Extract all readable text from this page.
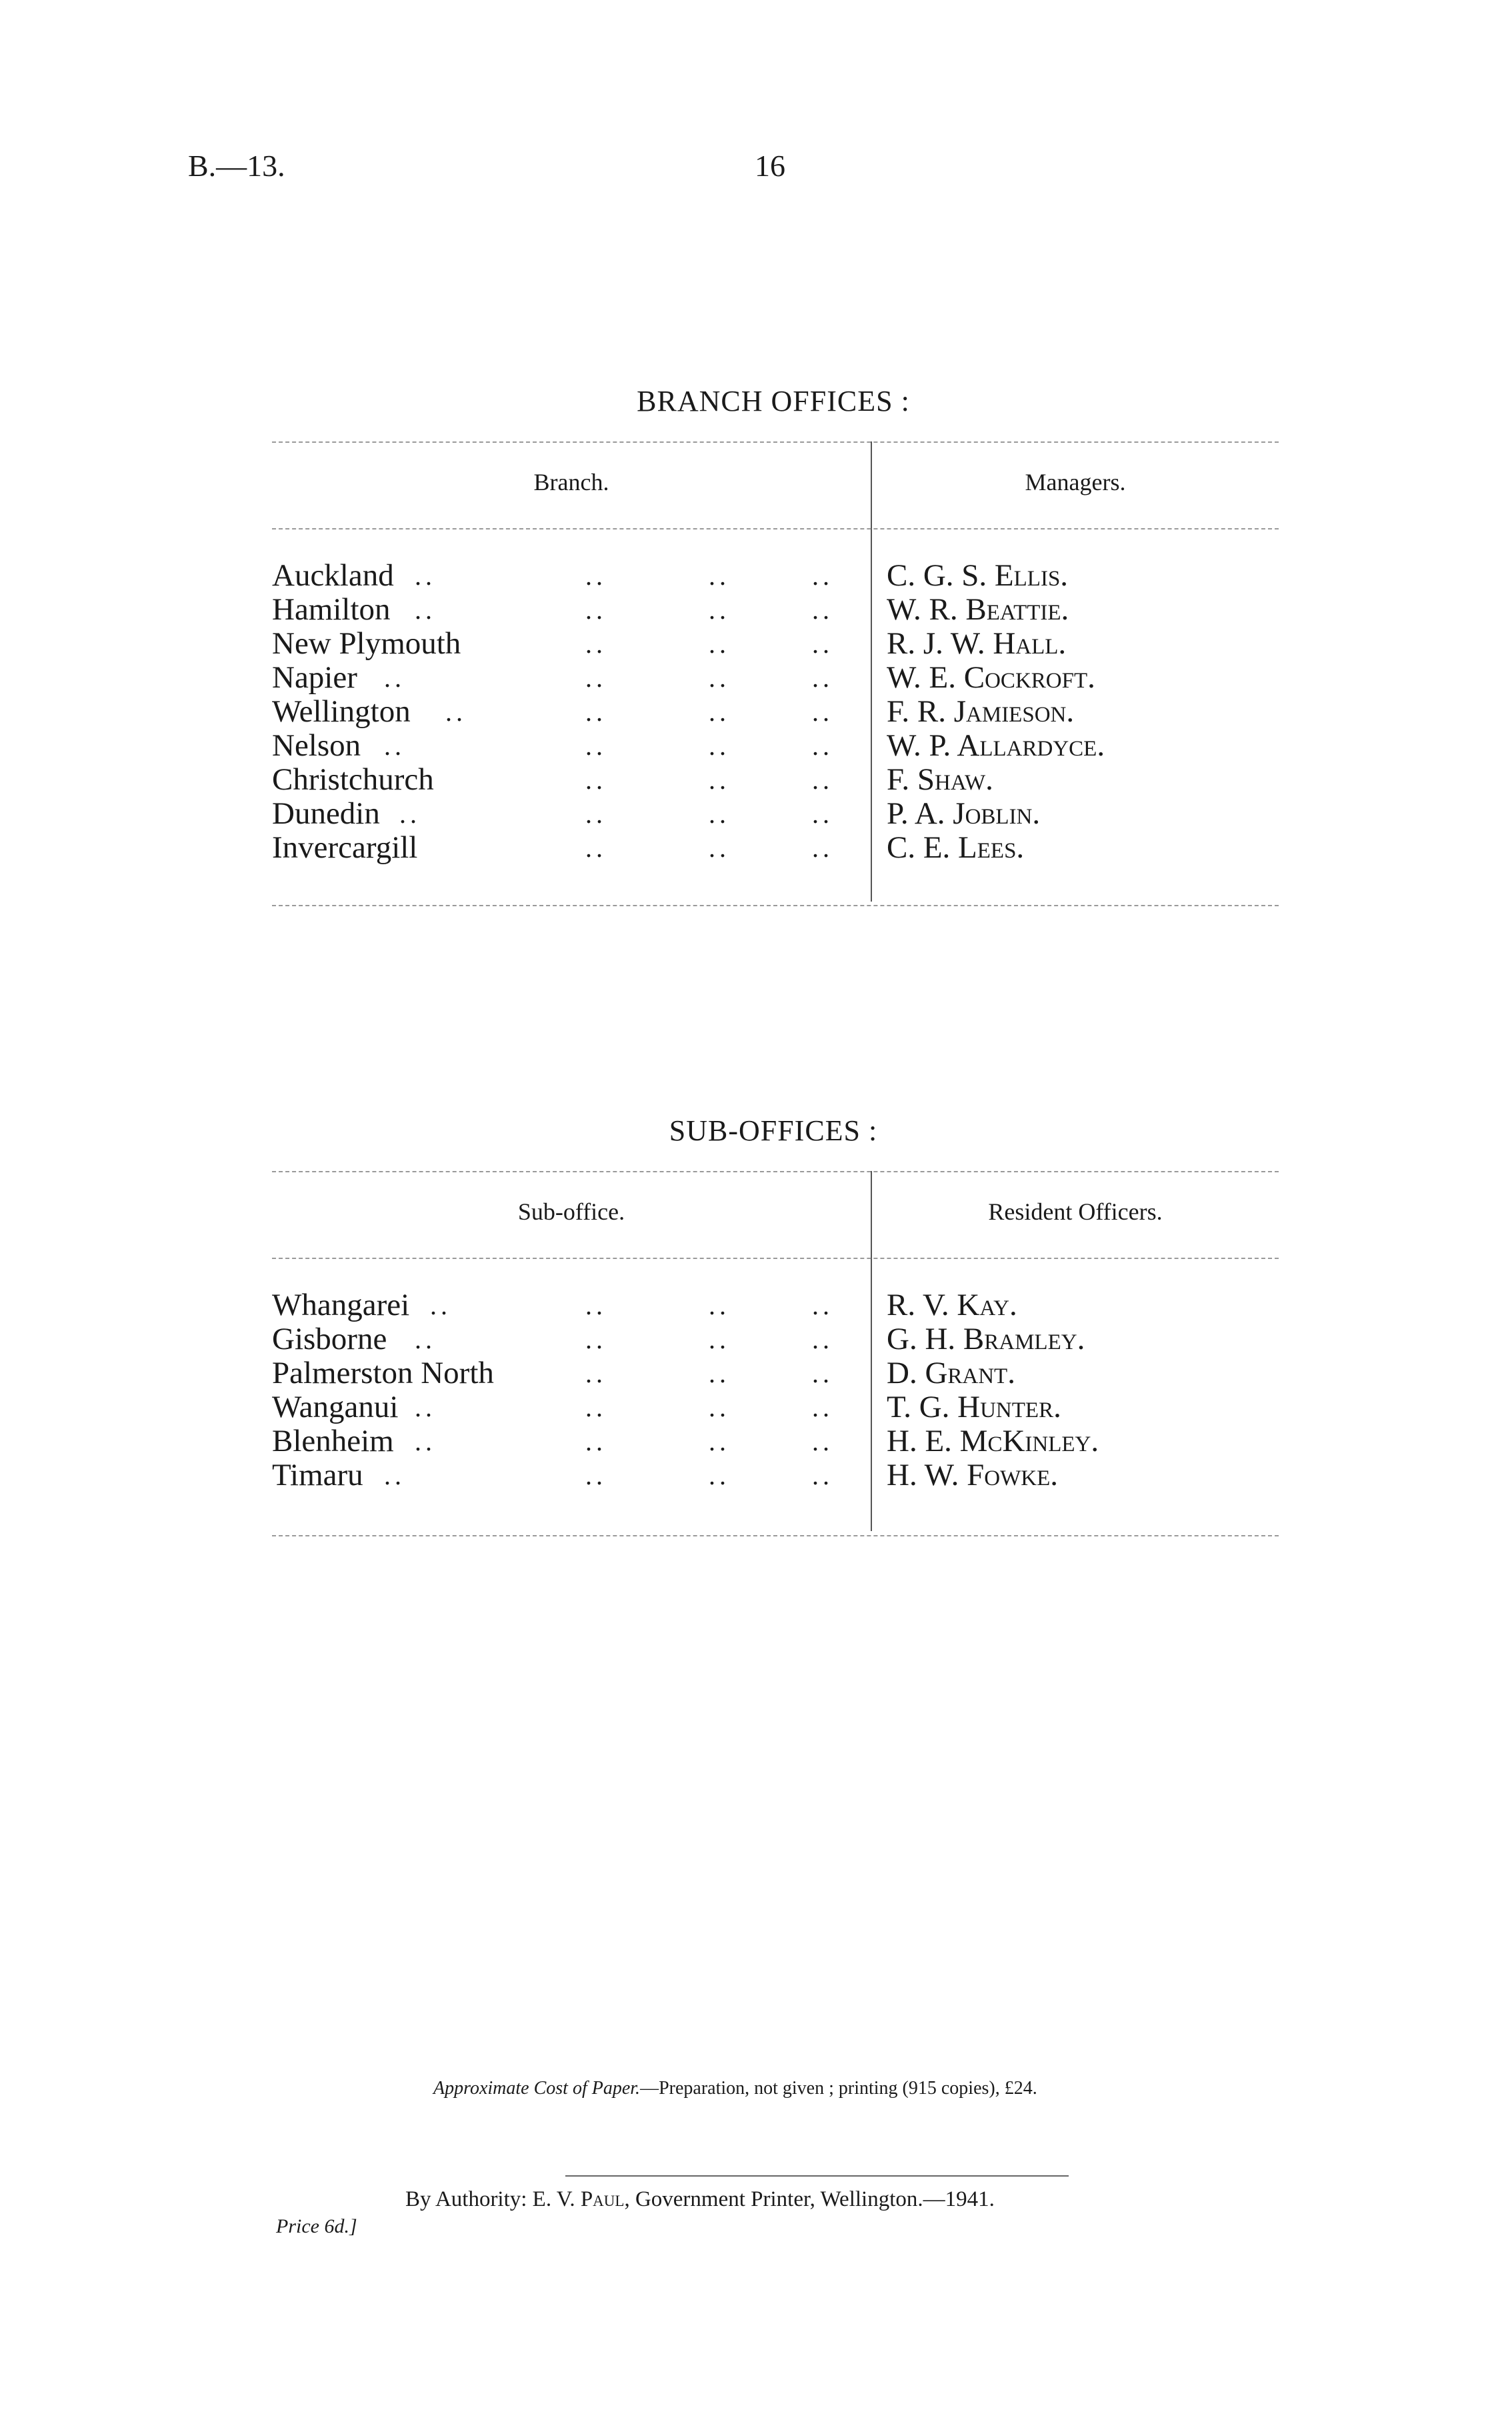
B.—13.	16
BRANCH OFFICES :
Branch.	Managers.
Auckland ..	..	..	.. C. G. S. Ellis.
Hamilton ..	..	..	.. W. R. Beattie.
New Plymouth	..	..	.. R. J. W. Hall.
Napier ..	..	..	.. W. E. Cockroft.
Wellington ..	..	..	.. F. R. Jamieson.
Nelson ..	..	..	.. W. P. Allardyce.
Christchurch	..	..	.. F. Shaw.
Dunedin ..	..	..	.. P. A. Joblin.
Invercargill	..	..	.. C. E. Lees.
SUB-OFFICES :
Sub-office.	Resident Officers.
Whangarei ..	..	..	.. R. V. Kay.
Gisborne ..	..	..	.. G. H. Bramley.
Palmerston North	..	..	.. D. Grant.
Wanganui ..	..	..	.. T. G. Hunter.
Blenheim ..	..	..	.. H. E. McKinley.
Timaru ..	..	..	.. H. W. Fowke.
Approximate Cost of Paper.—Preparation, not given ; printing (915 copies), £24.
By Authority: E. V. Paul, Government Printer, Wellington.—1941.
Price 6d.]
